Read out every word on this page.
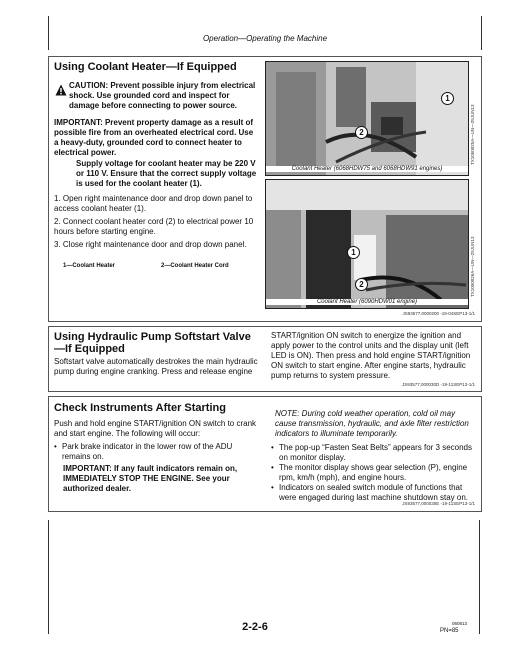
Operation—Operating the Machine
Using Coolant Heater—If Equipped
CAUTION: Prevent possible injury from electrical shock. Use grounded cord and inspect for damage before connecting to power source.
IMPORTANT: Prevent property damage as a result of possible fire from an overheated electrical cord. Use a heavy-duty, grounded cord to connect heater to electrical power.
Supply voltage for coolant heater may be 220 V or 110 V. Ensure that the correct supply voltage is used for the coolant heater (1).
1. Open right maintenance door and drop down panel to access coolant heater (1).
2. Connect coolant heater cord (2) to electrical power 10 hours before starting engine.
3. Close right maintenance door and drop down panel.
1—Coolant Heater	2—Coolant Heater Cord
1
2
Coolant Heater (6068HDW75 and 6068HDW91 engines)
TX1050025A—UN—25JUN13
1
2
Coolant Heater (6090HDW01 engine)
TX1050026A—UN—25JUN13
JS93577,0000200 -19-04SEP13-1/1
Using Hydraulic Pump Softstart Valve—If Equipped
Softstart valve automatically destrokes the main hydraulic pump during engine cranking. Press and release engine
START/ignition ON switch to energize the ignition and apply power to the control units and the display unit (left LED is ON). Then press and hold engine START/ignition ON switch to start engine. After engine starts, hydraulic pump returns to system pressure.
JS93577,000030D -19-11SEP13-1/1
Check Instruments After Starting
Push and hold engine START/ignition ON switch to crank and start engine. The following will occur:
• Park brake indicator in the lower row of the ADU remains on.
IMPORTANT: If any fault indicators remain on, IMMEDIATELY STOP THE ENGINE. See your authorized dealer.
NOTE: During cold weather operation, cold oil may cause transmission, hydraulic, and axle filter restriction indicators to illuminate temporarily.
• The pop-up “Fasten Seat Belts” appears for 3 seconds on monitor display.
• The monitor display shows gear selection (P), engine rpm, km/h (mph), and engine hours.
• Indicators on sealed switch module of functions that were engaged during last machine shutdown stay on.
JS93577,000030E -19-11SEP13-1/1
2-2-6	060813
PN=85
